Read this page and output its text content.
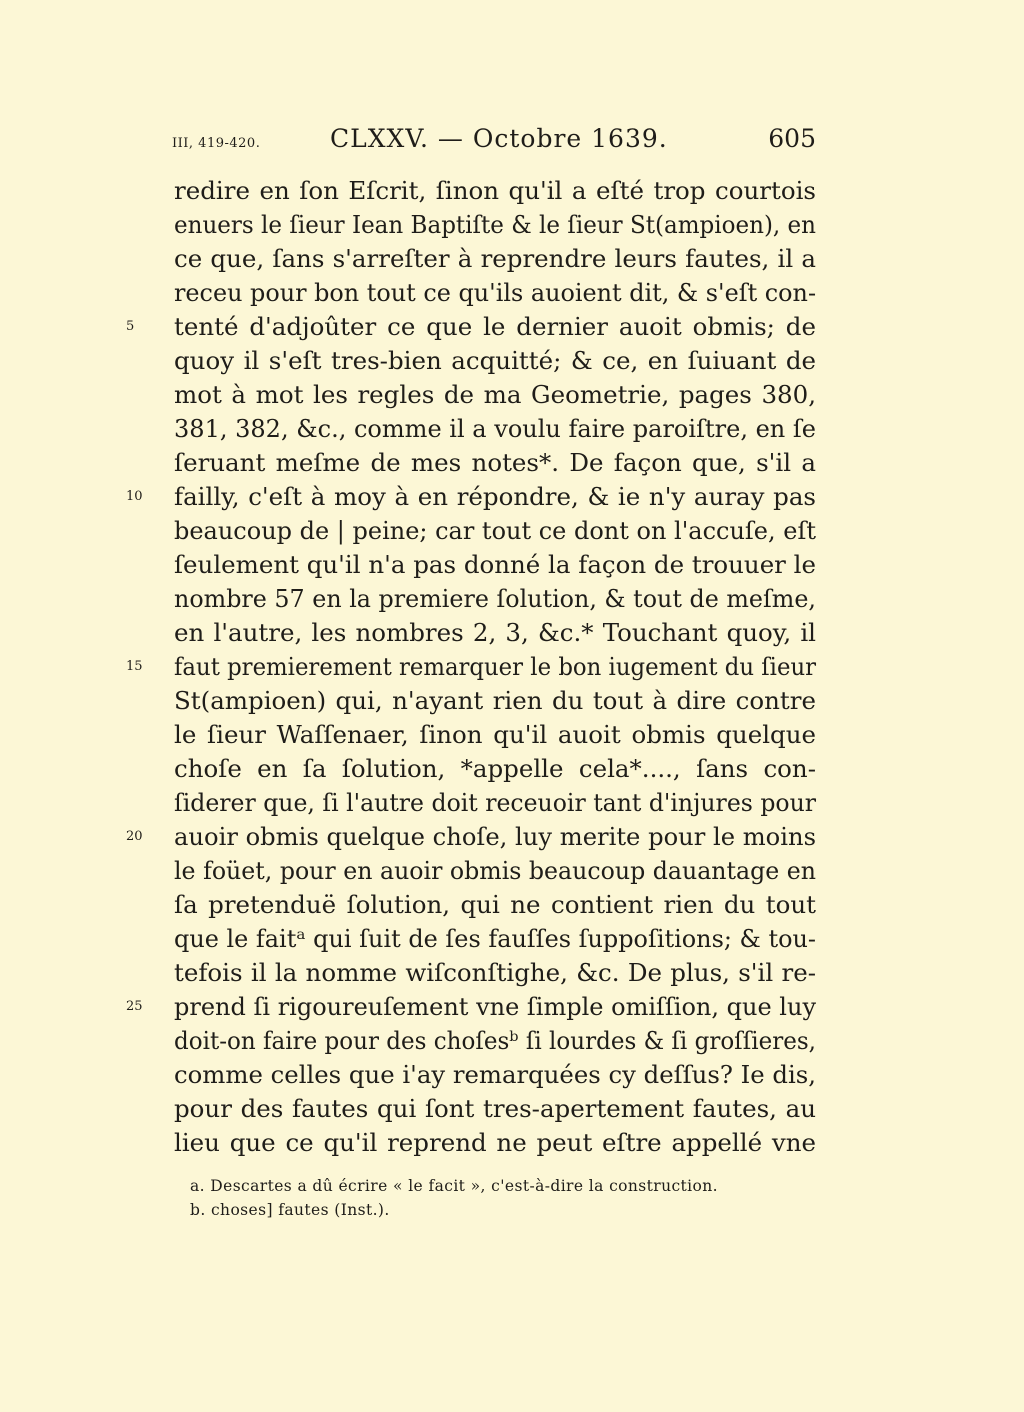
III, 419-420.	CLXXV. — Octobre 1639.	605
redire en ſon Eſcrit, ſinon qu'il a eſté trop courtois
enuers le ſieur Iean Baptiſte & le ſieur St(ampioen), en
ce que, ſans s'arreſter à reprendre leurs fautes, il a
receu pour bon tout ce qu'ils auoient dit, & s'eſt con-
5	tenté d'adjoûter ce que le dernier auoit obmis; de
quoy il s'eſt tres-bien acquitté; & ce, en ſuiuant de
mot à mot les regles de ma Geometrie, pages 380,
381, 382, &c., comme il a voulu faire paroiſtre, en ſe
ſeruant meſme de mes notes*. De façon que, s'il a
10	failly, c'eſt à moy à en répondre, & ie n'y auray pas
beaucoup de | peine; car tout ce dont on l'accuſe, eſt
ſeulement qu'il n'a pas donné la façon de trouuer le
nombre 57 en la premiere ſolution, & tout de meſme,
en l'autre, les nombres 2, 3, &c.* Touchant quoy, il
15	faut premierement remarquer le bon iugement du ſieur
St(ampioen) qui, n'ayant rien du tout à dire contre
le ſieur Waſſenaer, ſinon qu'il auoit obmis quelque
choſe en ſa ſolution, *appelle cela*...., ſans con-
ſiderer que, ſi l'autre doit receuoir tant d'injures pour
20	auoir obmis quelque choſe, luy merite pour le moins
le foüet, pour en auoir obmis beaucoup dauantage en
ſa pretenduë ſolution, qui ne contient rien du tout
que le faitᵃ qui ſuit de ſes fauſſes ſuppoſitions; & tou-
tefois il la nomme wiſconſtighe, &c. De plus, s'il re-
25	prend ſi rigoureuſement vne ſimple omiſſion, que luy
doit-on faire pour des choſesᵇ ſi lourdes & ſi groſſieres,
comme celles que i'ay remarquées cy deſſus? Ie dis,
pour des fautes qui ſont tres-apertement fautes, au
lieu que ce qu'il reprend ne peut eſtre appellé vne
a. Descartes a dû écrire « le facit », c'est-à-dire la construction.
b. choses] fautes (Inst.).
